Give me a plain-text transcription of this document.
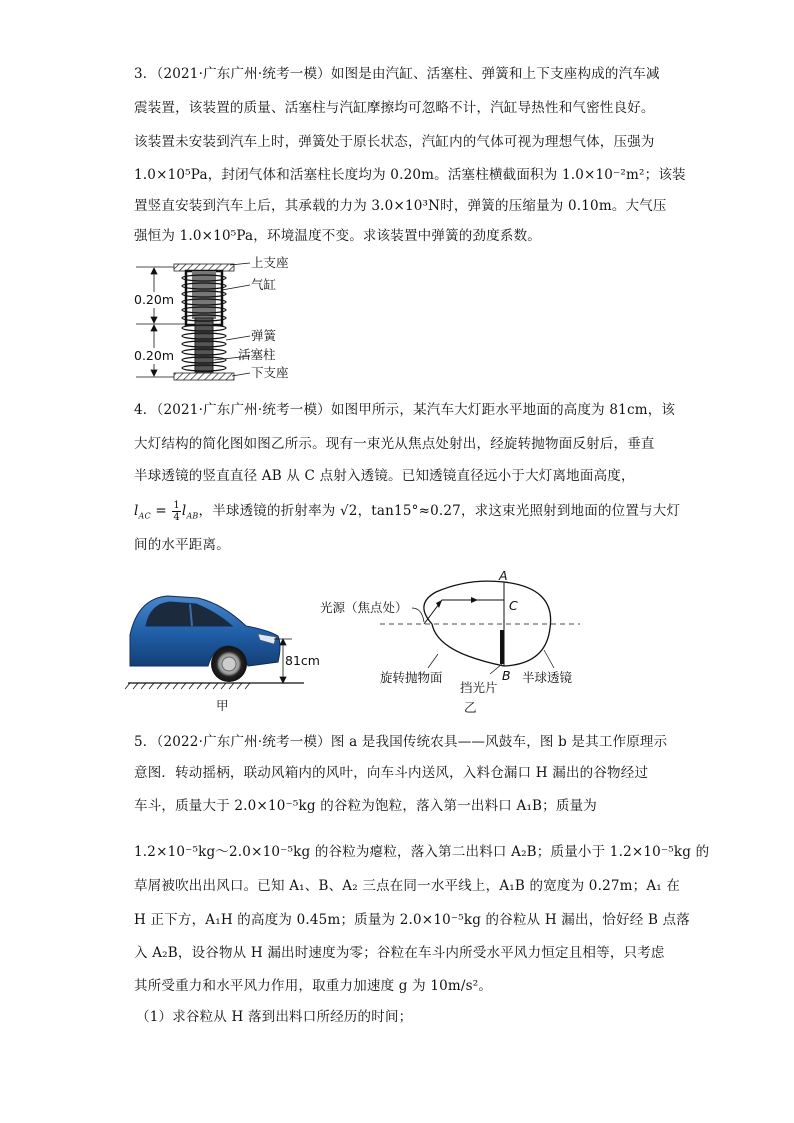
3．（2021·广东广州·统考一模）如图是由汽缸、活塞柱、弹簧和上下支座构成的汽车减
震装置，该装置的质量、活塞柱与汽缸摩擦均可忽略不计，汽缸导热性和气密性良好。
该装置未安装到汽车上时，弹簧处于原长状态，汽缸内的气体可视为理想气体，压强为
1.0×10⁵Pa，封闭气体和活塞柱长度均为 0.20m。活塞柱横截面积为 1.0×10⁻²m²；该装
置竖直安装到汽车上后，其承载的力为 3.0×10³N时，弹簧的压缩量为 0.10m。大气压
强恒为 1.0×10⁵Pa，环境温度不变。求该装置中弹簧的劲度系数。
0.20m
0.20m
上支座
气缸
弹簧
活塞柱
下支座
4．（2021·广东广州·统考一模）如图甲所示，某汽车大灯距水平地面的高度为 81cm，该
大灯结构的简化图如图乙所示。现有一束光从焦点处射出，经旋转抛物面反射后，垂直
半球透镜的竖直直径 AB 从 C 点射入透镜。已知透镜直径远小于大灯离地面高度，
$l_{AC} = \frac{1}{4} l_{AB}$，半球透镜的折射率为 √2，tan15°≈0.27，求这束光照射到地面的位置与大灯
间的水平距离。
81cm
甲
光源（焦点处）
A
C
B
旋转抛物面
挡光片
半球透镜
乙
5．（2022·广东广州·统考一模）图 a 是我国传统农具——风鼓车，图 b 是其工作原理示
意图．转动摇柄，联动风箱内的风叶，向车斗内送风，入料仓漏口 H 漏出的谷物经过
车斗，质量大于 2.0×10⁻⁵kg 的谷粒为饱粒，落入第一出料口 A₁B；质量为
1.2×10⁻⁵kg～2.0×10⁻⁵kg 的谷粒为瘪粒，落入第二出料口 A₂B；质量小于 1.2×10⁻⁵kg 的
草屑被吹出出风口。已知 A₁、B、A₂ 三点在同一水平线上，A₁B 的宽度为 0.27m；A₁ 在
H 正下方，A₁H 的高度为 0.45m；质量为 2.0×10⁻⁵kg 的谷粒从 H 漏出，恰好经 B 点落
入 A₂B，设谷物从 H 漏出时速度为零；谷粒在车斗内所受水平风力恒定且相等，只考虑
其所受重力和水平风力作用，取重力加速度 g 为 10m/s²。
（1）求谷粒从 H 落到出料口所经历的时间；
